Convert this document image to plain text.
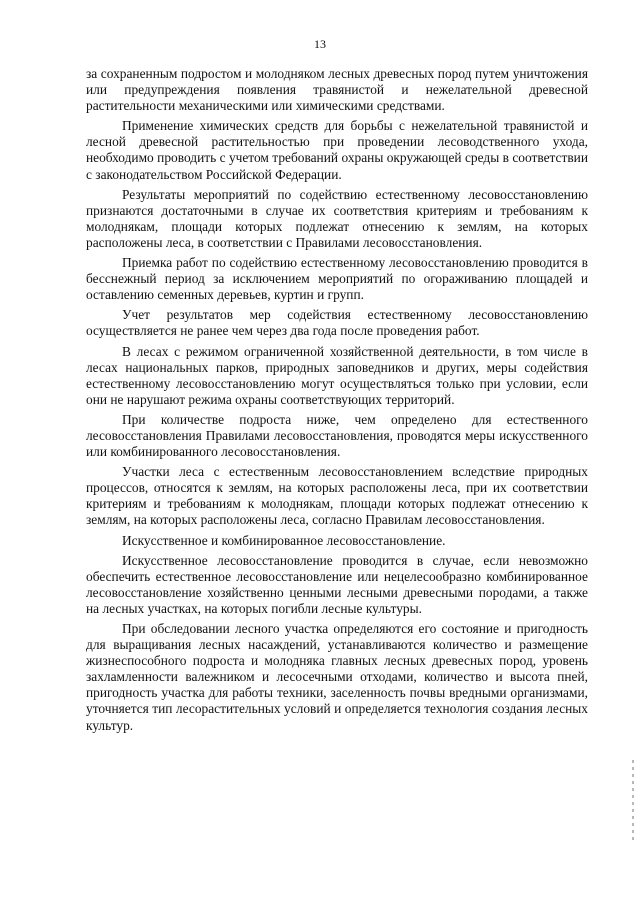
13

за сохраненным подростом и молодняком лесных древесных пород путем уничтожения или предупреждения появления травянистой и нежелательной древесной растительности механическими или химическими средствами.

Применение химических средств для борьбы с нежелательной травянистой и лесной древесной растительностью при проведении лесоводственного ухода, необходимо проводить с учетом требований охраны окружающей среды в соответствии с законодательством Российской Федерации.

Результаты мероприятий по содействию естественному лесовосстановлению признаются достаточными в случае их соответствия критериям и требованиям к молоднякам, площади которых подлежат отнесению к землям, на которых расположены леса, в соответствии с Правилами лесовосстановления.

Приемка работ по содействию естественному лесовосстановлению проводится в бесснежный период за исключением мероприятий по огораживанию площадей и оставлению семенных деревьев, куртин и групп.

Учет результатов мер содействия естественному лесовосстановлению осуществляется не ранее чем через два года после проведения работ.

В лесах с режимом ограниченной хозяйственной деятельности, в том числе в лесах национальных парков, природных заповедников и других, меры содействия естественному лесовосстановлению могут осуществляться только при условии, если они не нарушают режима охраны соответствующих территорий.

При количестве подроста ниже, чем определено для естественного лесовосстановления Правилами лесовосстановления, проводятся меры искусственного или комбинированного лесовосстановления.

Участки леса с естественным лесовосстановлением вследствие природных процессов, относятся к землям, на которых расположены леса, при их соответствии критериям и требованиям к молоднякам, площади которых подлежат отнесению к землям, на которых расположены леса, согласно Правилам лесовосстановления.

Искусственное и комбинированное лесовосстановление.

Искусственное лесовосстановление проводится в случае, если невозможно обеспечить естественное лесовосстановление или нецелесообразно комбинированное лесовосстановление хозяйственно ценными лесными древесными породами, а также на лесных участках, на которых погибли лесные культуры.

При обследовании лесного участка определяются его состояние и пригодность для выращивания лесных насаждений, устанавливаются количество и размещение жизнеспособного подроста и молодняка главных лесных древесных пород, уровень захламленности валежником и лесосечными отходами, количество и высота пней, пригодность участка для работы техники, заселенность почвы вредными организмами, уточняется тип лесорастительных условий и определяется технология создания лесных культур.
